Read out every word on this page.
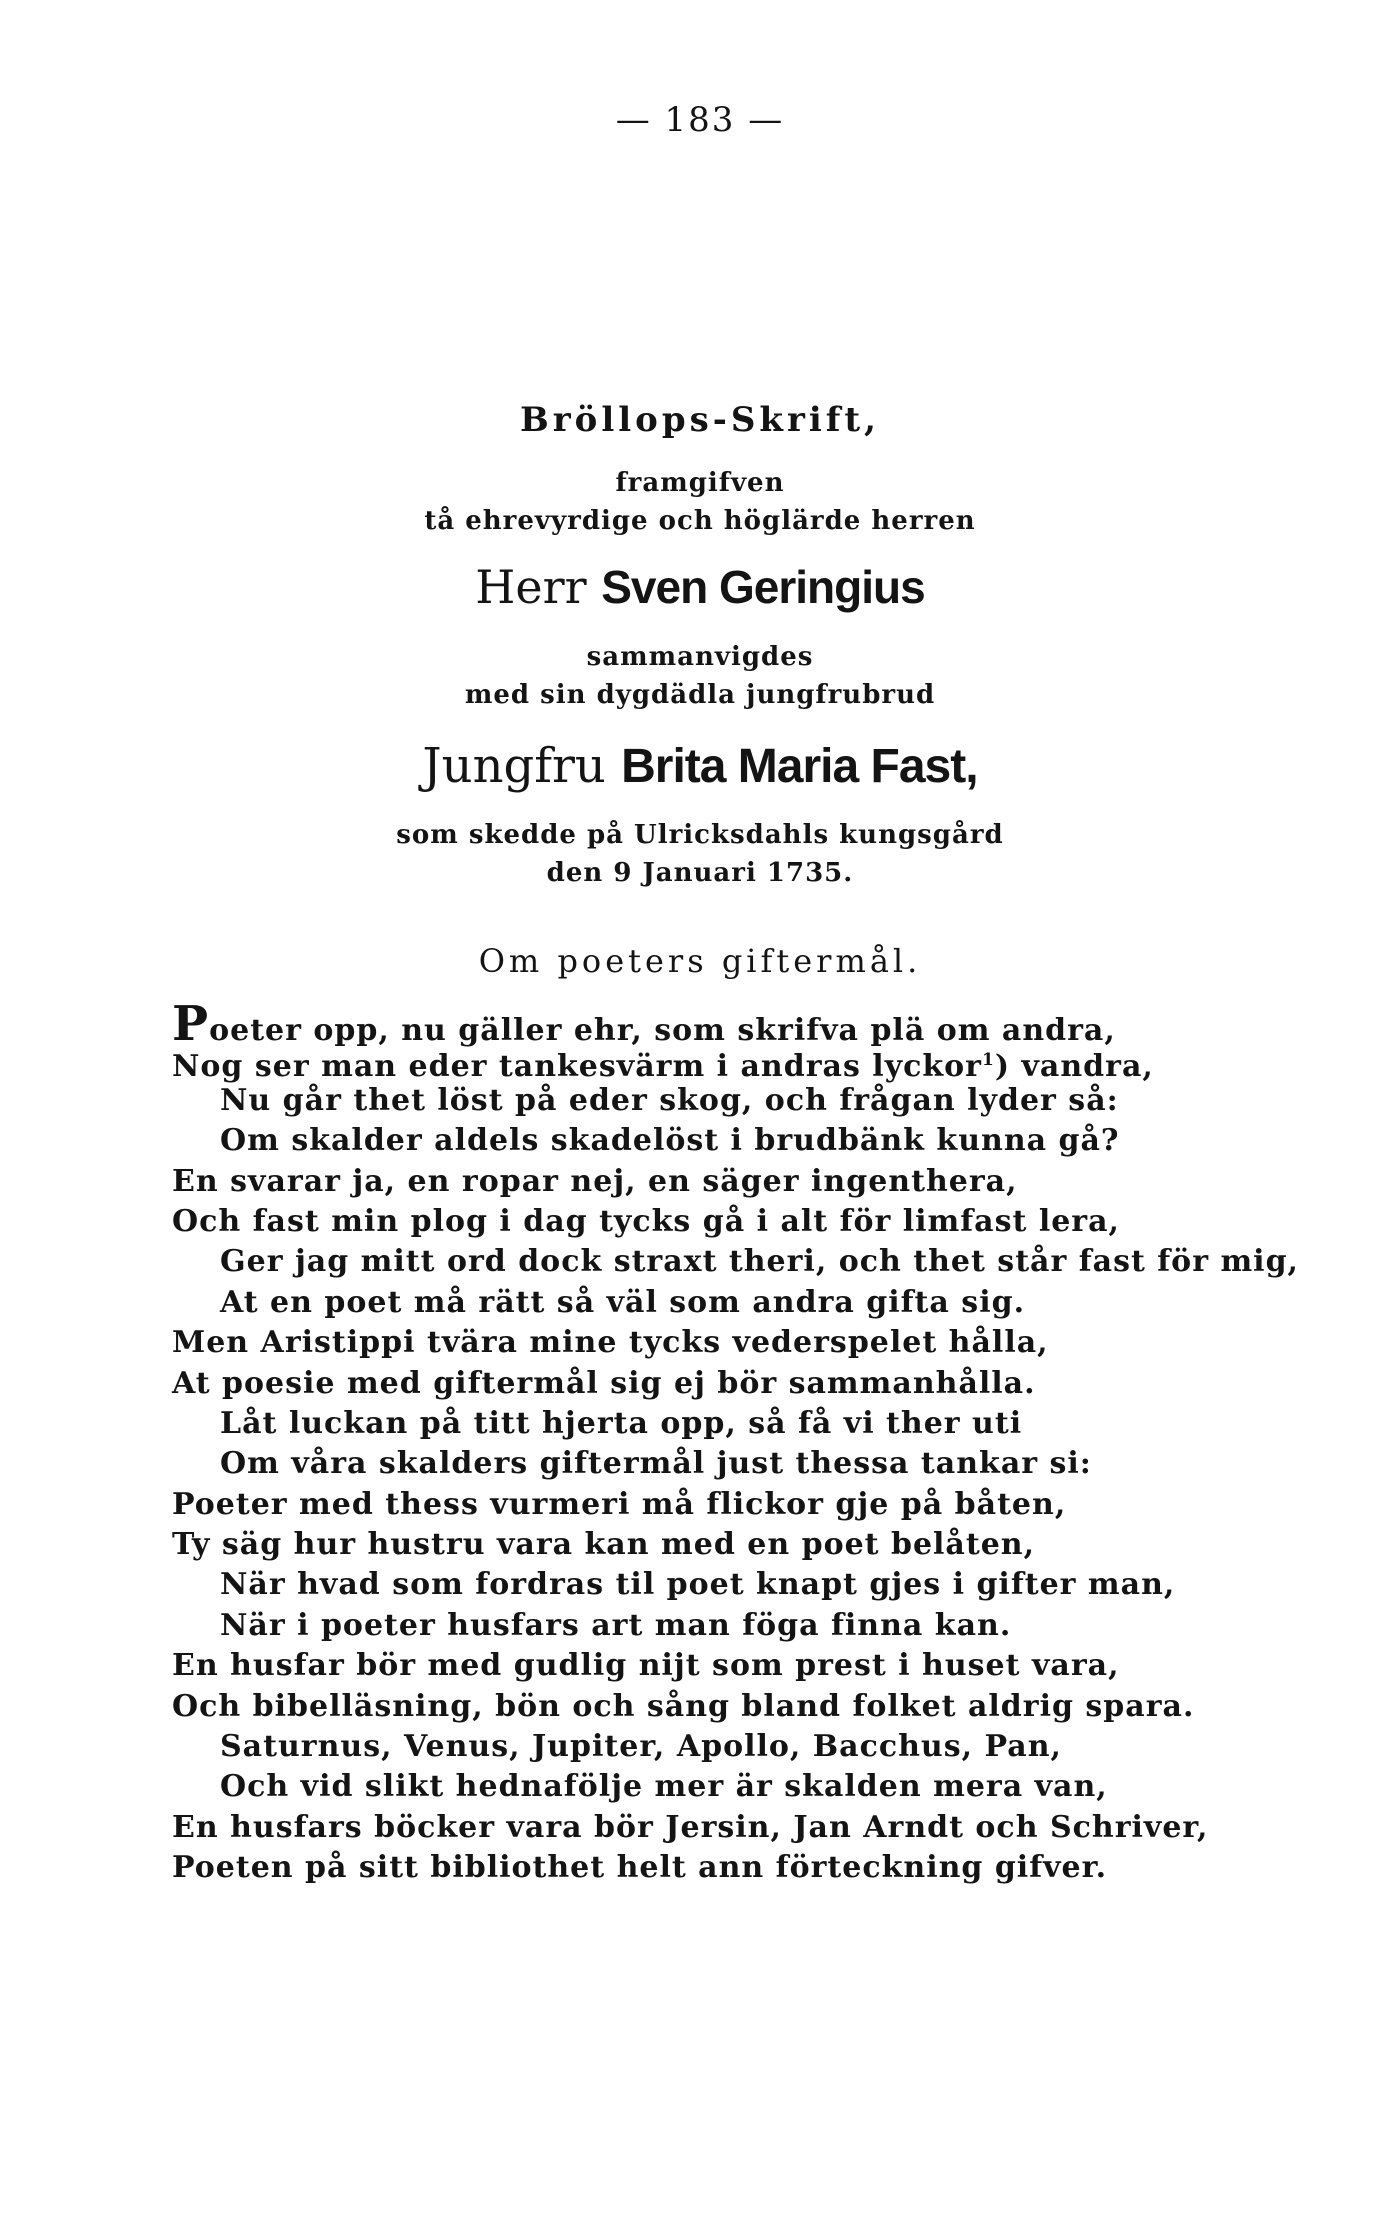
— 183 —
Bröllops-Skrift,
framgifven
tå ehrevyrdige och höglärde herren
Herr Sven Geringius
sammanvigdes
med sin dygdädla jungfrubrud
Jungfru Brita Maria Fast,
som skedde på Ulricksdahls kungsgård
den 9 Januari 1735.
Om poeters giftermål.
Poeter opp, nu gäller ehr, som skrifva plä om andra,
Nog ser man eder tankesvärm i andras lyckor$^1$) vandra,
Nu går thet löst på eder skog, och frågan lyder så:
Om skalder aldels skadelöst i brudbänk kunna gå?
En svarar ja, en ropar nej, en säger ingenthera,
Och fast min plog i dag tycks gå i alt för limfast lera,
Ger jag mitt ord dock straxt theri, och thet står fast för mig,
At en poet må rätt så väl som andra gifta sig.
Men Aristippi tvära mine tycks vederspelet hålla,
At poesie med giftermål sig ej bör sammanhålla.
Låt luckan på titt hjerta opp, så få vi ther uti
Om våra skalders giftermål just thessa tankar si:
Poeter med thess vurmeri må flickor gje på båten,
Ty säg hur hustru vara kan med en poet belåten,
När hvad som fordras til poet knapt gjes i gifter man,
När i poeter husfars art man föga finna kan.
En husfar bör med gudlig nijt som prest i huset vara,
Och bibelläsning, bön och sång bland folket aldrig spara.
Saturnus, Venus, Jupiter, Apollo, Bacchus, Pan,
Och vid slikt hednafölje mer är skalden mera van,
En husfars böcker vara bör Jersin, Jan Arndt och Schriver,
Poeten på sitt bibliothet helt ann förteckning gifver.
